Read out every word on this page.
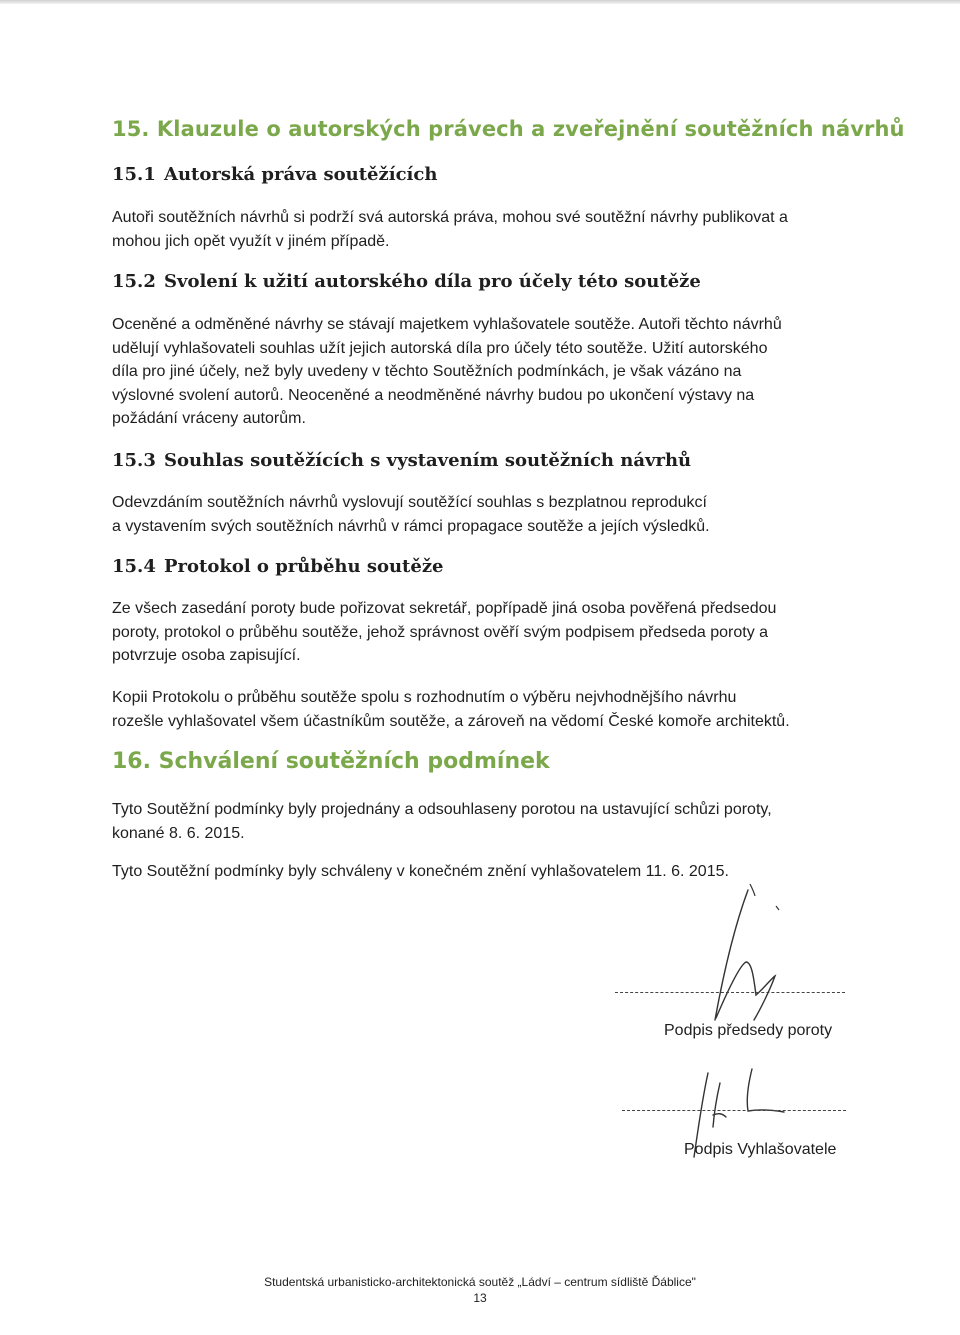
15. Klauzule o autorských právech a zveřejnění soutěžních návrhů
15.1 Autorská práva soutěžících
Autoři soutěžních návrhů si podrží svá autorská práva, mohou své soutěžní návrhy publikovat a
mohou jich opět využít v jiném případě.
15.2 Svolení k užití autorského díla pro účely této soutěže
Oceněné a odměněné návrhy se stávají majetkem vyhlašovatele soutěže. Autoři těchto návrhů
udělují vyhlašovateli souhlas užít jejich autorská díla pro účely této soutěže. Užití autorského
díla pro jiné účely, než byly uvedeny v těchto Soutěžních podmínkách, je však vázáno na
výslovné svolení autorů. Neoceněné a neodměněné návrhy budou po ukončení výstavy na
požádání vráceny autorům.
15.3 Souhlas soutěžících s vystavením soutěžních návrhů
Odevzdáním soutěžních návrhů vyslovují soutěžící souhlas s bezplatnou reprodukcí
a vystavením svých soutěžních návrhů v rámci propagace soutěže a jejích výsledků.
15.4 Protokol o průběhu soutěže
Ze všech zasedání poroty bude pořizovat sekretář, popřípadě jiná osoba pověřená předsedou
poroty, protokol o průběhu soutěže, jehož správnost ověří svým podpisem předseda poroty a
potvrzuje osoba zapisující.
Kopii Protokolu o průběhu soutěže spolu s rozhodnutím o výběru nejvhodnějšího návrhu
rozešle vyhlašovatel všem účastníkům soutěže, a zároveň na vědomí České komoře architektů.
16. Schválení soutěžních podmínek
Tyto Soutěžní podmínky byly projednány a odsouhlaseny porotou na ustavující schůzi poroty,
konané 8. 6. 2015.
Tyto Soutěžní podmínky byly schváleny v konečném znění vyhlašovatelem 11. 6. 2015.
Podpis předsedy poroty
Podpis Vyhlašovatele
Studentská urbanisticko-architektonická soutěž „Ládví – centrum sídliště Ďáblice"
13
